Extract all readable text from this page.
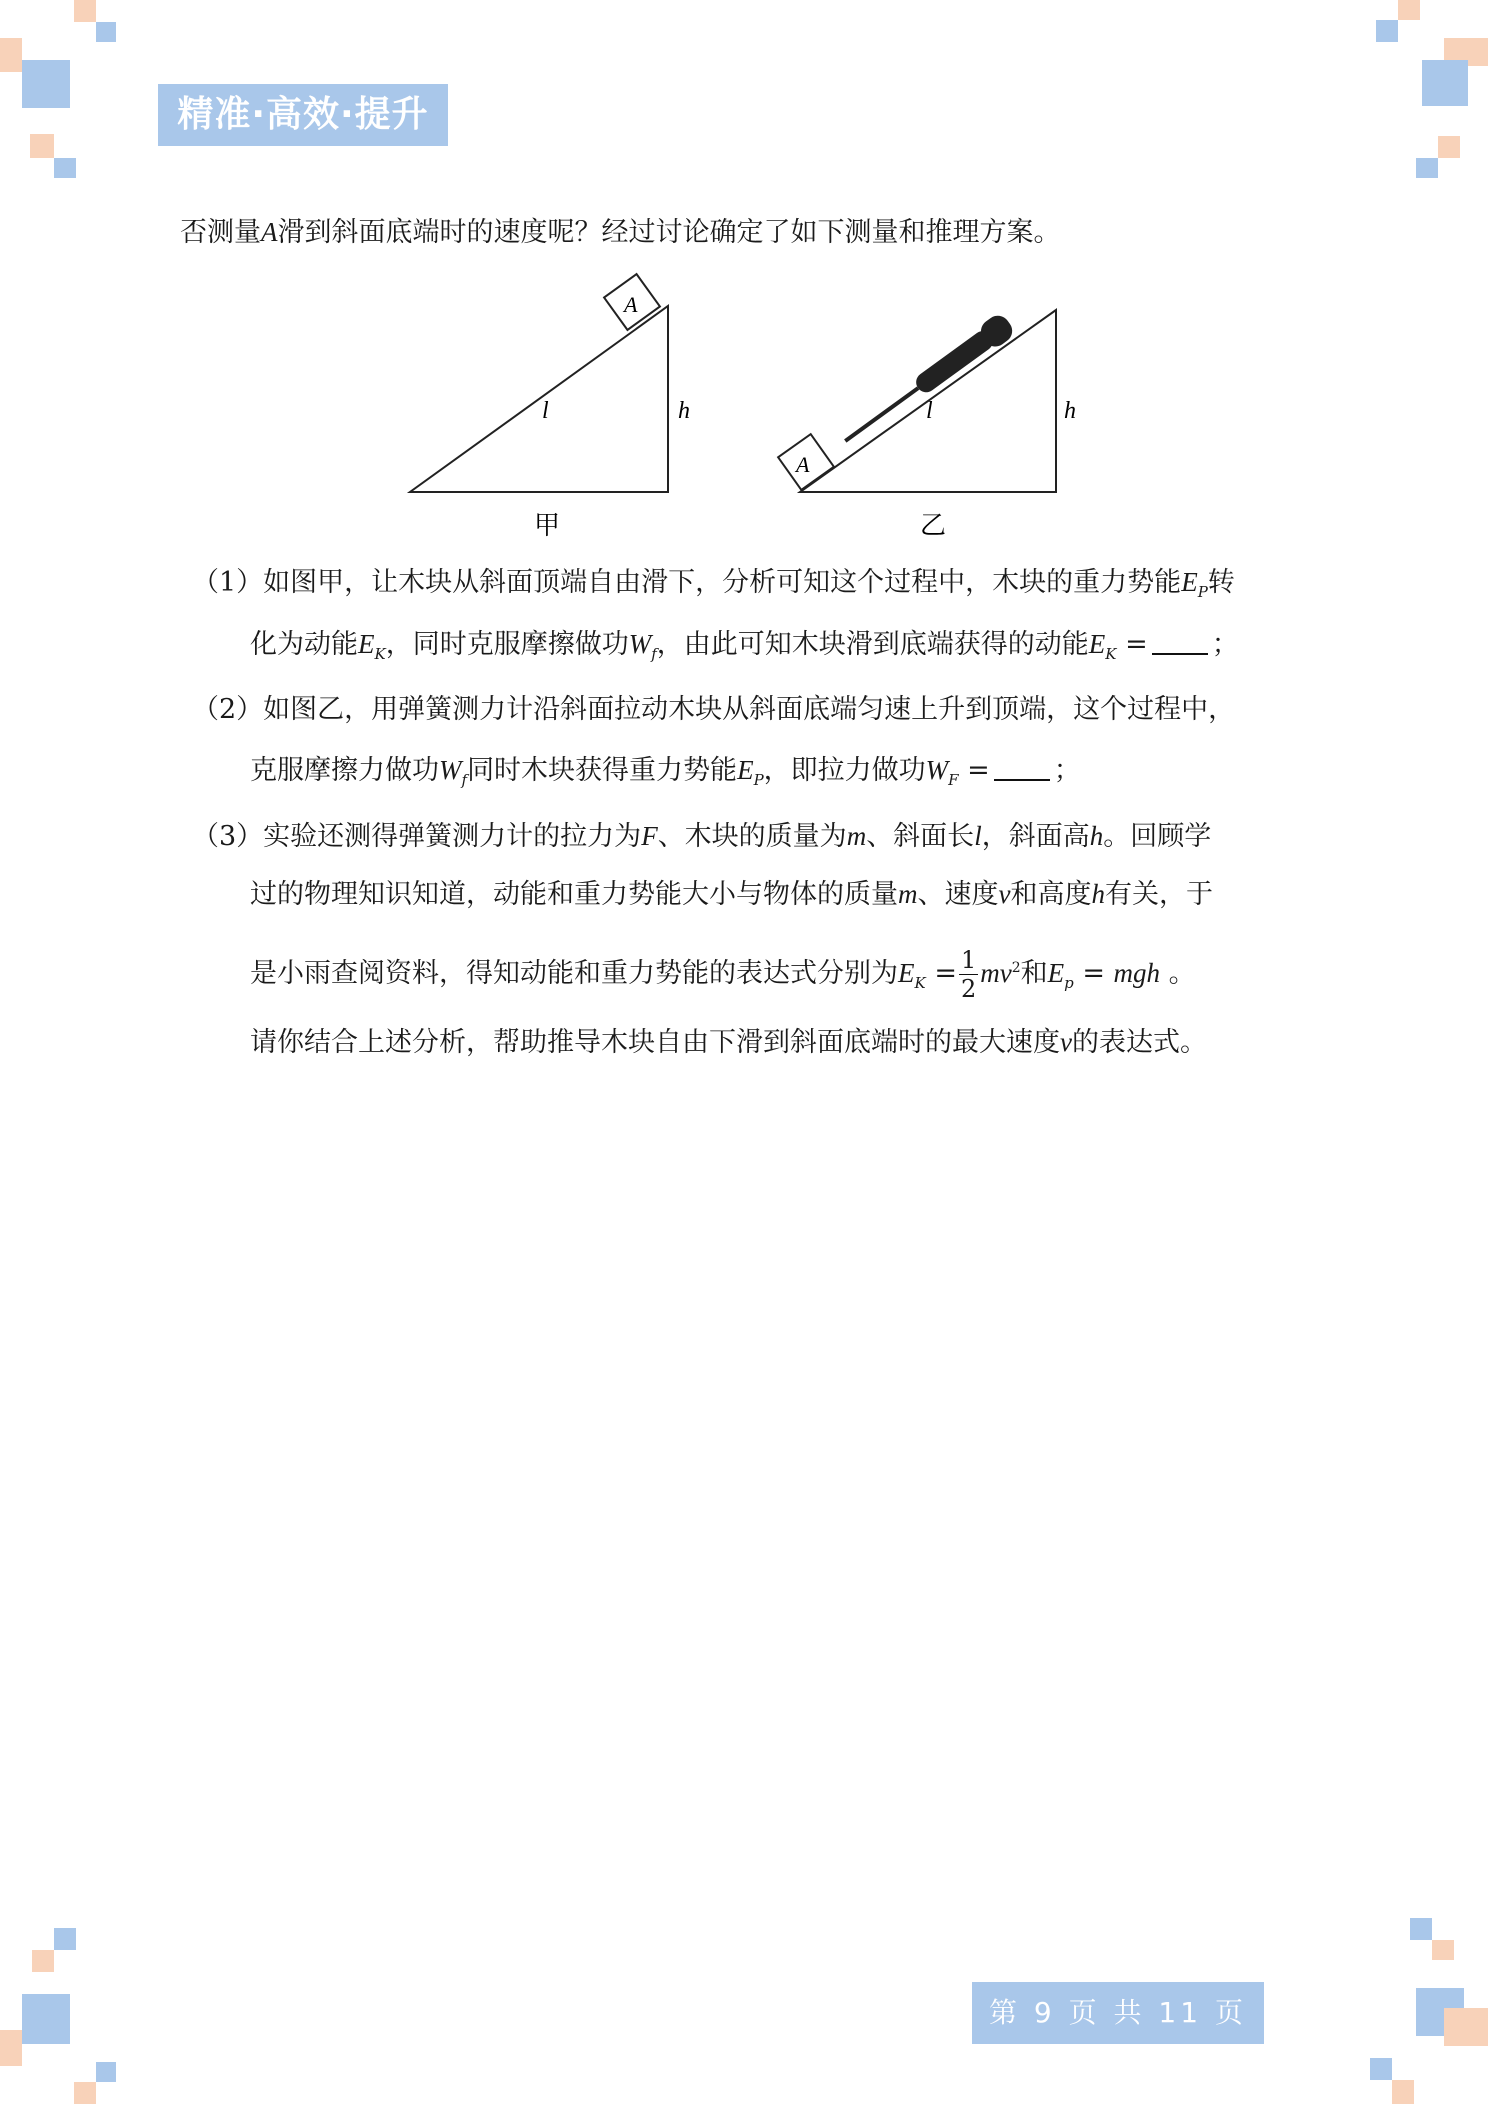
精准·高效·提升
否测量A滑到斜面底端时的速度呢？经过讨论确定了如下测量和推理方案。
A
l	h
甲
A
l	h
乙
（1）如图甲，让木块从斜面顶端自由滑下，分析可知这个过程中，木块的重力势能$E_P$转
化为动能$E_K$，同时克服摩擦做功$W_f$，由此可知木块滑到底端获得的动能$E_K$ = ；
（2）如图乙，用弹簧测力计沿斜面拉动木块从斜面底端匀速上升到顶端，这个过程中，
克服摩擦力做功$W_f$同时木块获得重力势能$E_P$，即拉力做功$W_F$ = ；
（3）实验还测得弹簧测力计的拉力为F、木块的质量为m、斜面长l，斜面高h。回顾学
过的物理知识知道，动能和重力势能大小与物体的质量m、速度v和高度h有关，于
是小雨查阅资料，得知动能和重力势能的表达式分别为$E_K = \frac{1}{2} mv^2$和$E_p$ = mgh 。
请你结合上述分析，帮助推导木块自由下滑到斜面底端时的最大速度v的表达式。
第 9 页 共 11 页
